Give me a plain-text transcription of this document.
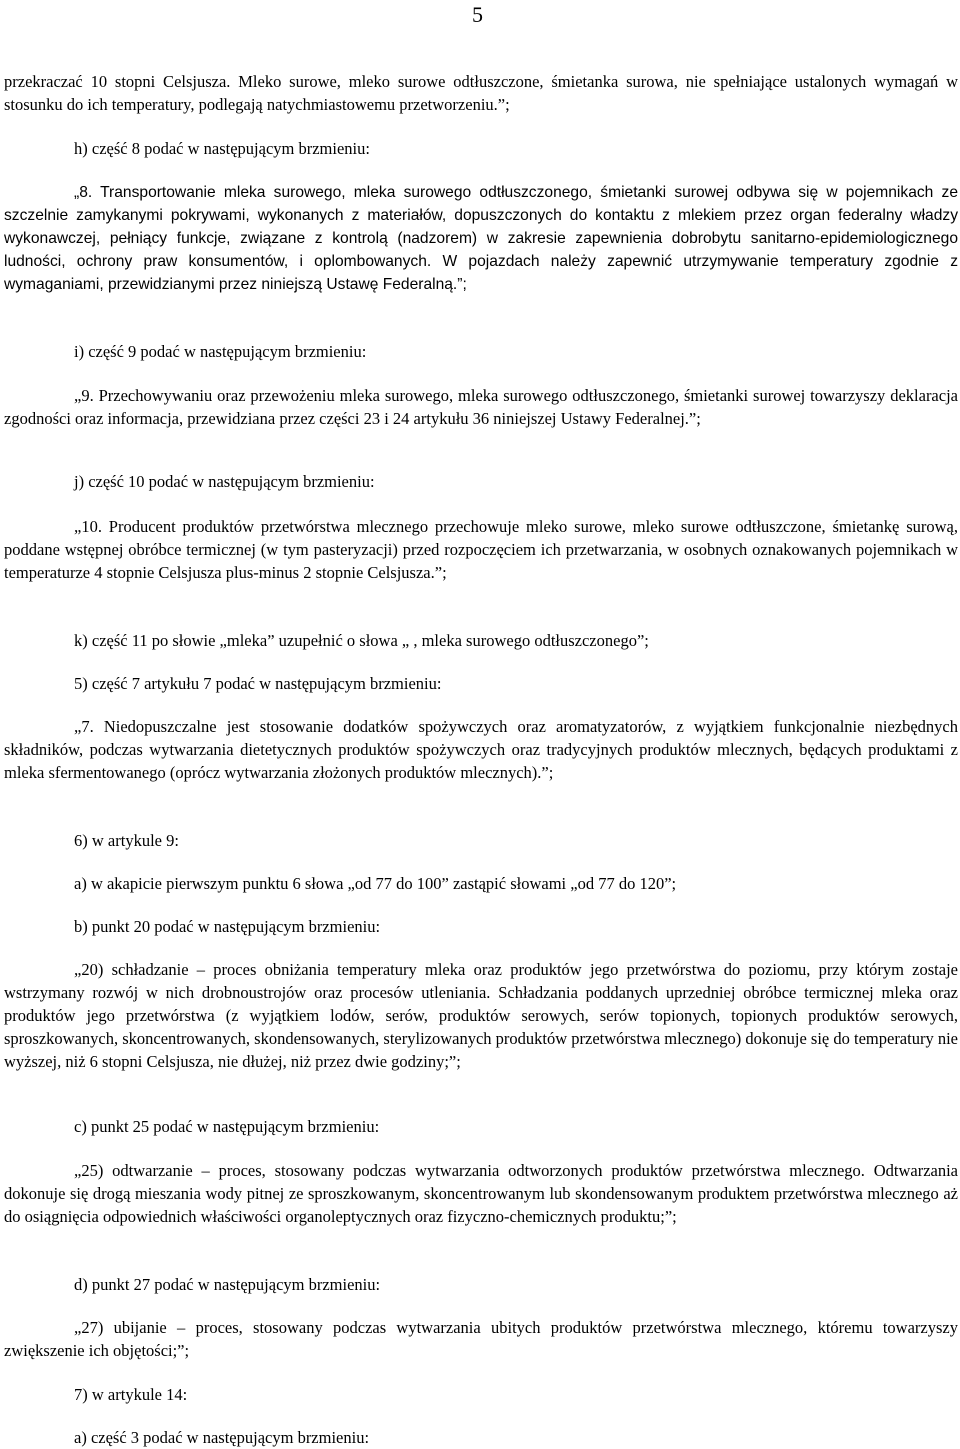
5

przekraczać 10 stopni Celsjusza. Mleko surowe, mleko surowe odtłuszczone, śmietanka surowa, nie spełniające ustalonych wymagań w stosunku do ich temperatury, podlegają natychmiastowemu przetworzeniu.”;

h) część 8 podać w następującym brzmieniu:

„8. Transportowanie mleka surowego, mleka surowego odtłuszczonego, śmietanki surowej odbywa się w pojemnikach ze szczelnie zamykanymi pokrywami, wykonanych z materiałów, dopuszczonych do kontaktu z mlekiem przez organ federalny władzy wykonawczej, pełniący funkcje, związane z kontrolą (nadzorem) w zakresie zapewnienia dobrobytu sanitarno-epidemiologicznego ludności, ochrony praw konsumentów, i oplombowanych. W pojazdach należy zapewnić utrzymywanie temperatury zgodnie z wymaganiami, przewidzianymi przez niniejszą Ustawę Federalną.”;

i) część 9 podać w następującym brzmieniu:

„9. Przechowywaniu oraz przewożeniu mleka surowego, mleka surowego odtłuszczonego, śmietanki surowej towarzyszy deklaracja zgodności oraz informacja, przewidziana przez części 23 i 24 artykułu 36 niniejszej Ustawy Federalnej.”;

j) część 10 podać w następującym brzmieniu:

„10. Producent produktów przetwórstwa mlecznego przechowuje mleko surowe, mleko surowe odtłuszczone, śmietankę surową, poddane wstępnej obróbce termicznej (w tym pasteryzacji) przed rozpoczęciem ich przetwarzania, w osobnych oznakowanych pojemnikach w temperaturze 4 stopnie Celsjusza plus-minus 2 stopnie Celsjusza.”;

k) część 11 po słowie „mleka” uzupełnić o słowa „ , mleka surowego odtłuszczonego”;

5) część 7 artykułu 7 podać w następującym brzmieniu:

„7. Niedopuszczalne jest stosowanie dodatków spożywczych oraz aromatyzatorów, z wyjątkiem funkcjonalnie niezbędnych składników, podczas wytwarzania dietetycznych produktów spożywczych oraz tradycyjnych produktów mlecznych, będących produktami z mleka sfermentowanego (oprócz wytwarzania złożonych produktów mlecznych).”;

6) w artykule 9:

a) w akapicie pierwszym punktu 6 słowa „od 77 do 100” zastąpić słowami „od 77 do 120”;

b) punkt 20 podać w następującym brzmieniu:

„20) schładzanie – proces obniżania temperatury mleka oraz produktów jego przetwórstwa do poziomu, przy którym zostaje wstrzymany rozwój w nich drobnoustrojów oraz procesów utleniania. Schładzania poddanych uprzedniej obróbce termicznej mleka oraz produktów jego przetwórstwa (z wyjątkiem lodów, serów, produktów serowych, serów topionych, topionych produktów serowych, sproszkowanych, skoncentrowanych, skondensowanych, sterylizowanych produktów przetwórstwa mlecznego) dokonuje się do temperatury nie wyższej, niż 6 stopni Celsjusza, nie dłużej, niż przez dwie godziny;”;

c) punkt 25 podać w następującym brzmieniu:

„25) odtwarzanie – proces, stosowany podczas wytwarzania odtworzonych produktów przetwórstwa mlecznego. Odtwarzania dokonuje się drogą mieszania wody pitnej ze sproszkowanym, skoncentrowanym lub skondensowanym produktem przetwórstwa mlecznego aż do osiągnięcia odpowiednich właściwości organoleptycznych oraz fizyczno-chemicznych produktu;”;

d) punkt 27 podać w następującym brzmieniu:

„27) ubijanie – proces, stosowany podczas wytwarzania ubitych produktów przetwórstwa mlecznego, któremu towarzyszy zwiększenie ich objętości;”;

7) w artykule 14:

a) część 3 podać w następującym brzmieniu:
